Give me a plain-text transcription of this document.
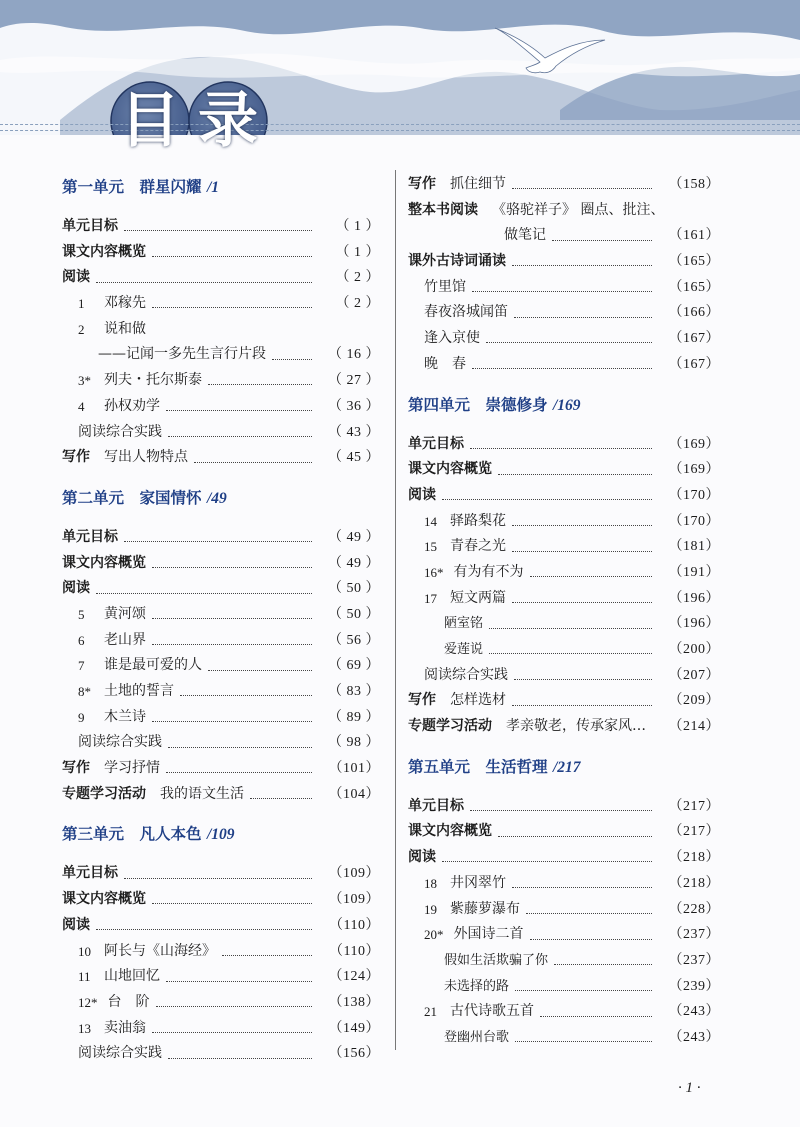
第一单元　 群星闪耀 /1
单元目标	（ 1 ）
课文内容概览	（ 1 ）
阅读	（ 2 ）
1	邓稼先	（ 2 ）
2	说和做
——记闻一多先生言行片段	（ 16 ）
3* 列夫・托尔斯泰	（ 27 ）
4	孙权劝学	（ 36 ）
阅读综合实践	（ 43 ）
写作 写出人物特点	（ 45 ）
第二单元　 家国情怀 /49
单元目标	（ 49 ）
课文内容概览	（ 49 ）
阅读	（ 50 ）
5	黄河颂	（ 50 ）
6	老山界	（ 56 ）
7	谁是最可爱的人	（ 69 ）
8* 土地的誓言	（ 83 ）
9	木兰诗	（ 89 ）
阅读综合实践	（ 98 ）
写作 学习抒情	（101）
专题学习活动 我的语文生活	（104）
第三单元　 凡人本色 /109
单元目标	（109）
课文内容概览	（109）
阅读	（110）
10 阿长与《山海经》	（110）
11 山地回忆	（124）
12* 台　阶	（138）
13 卖油翁	（149）
阅读综合实践	（156）
写作 抓住细节	（158）
整本书阅读 《骆驼祥子》 圈点、批注、
做笔记	（161）
课外古诗词诵读	（165）
竹里馆	（165）
春夜洛城闻笛	（166）
逢入京使	（167）
晚　春	（167）
第四单元　 崇德修身 /169
单元目标	（169）
课文内容概览	（169）
阅读	（170）
14 驿路梨花	（170）
15 青春之光	（181）
16* 有为有不为	（191）
17 短文两篇	（196）
陋室铭	（196）
爱莲说	（200）
阅读综合实践	（207）
写作 怎样选材	（209）
专题学习活动 孝亲敬老，传承家风… （214）
第五单元　 生活哲理 /217
单元目标	（217）
课文内容概览	（217）
阅读	（218）
18 井冈翠竹	（218）
19 紫藤萝瀑布	（228）
20* 外国诗二首	（237）
假如生活欺骗了你	（237）
未选择的路	（239）
21 古代诗歌五首	（243）
登幽州台歌	（243）
· 1 ·
目 录
